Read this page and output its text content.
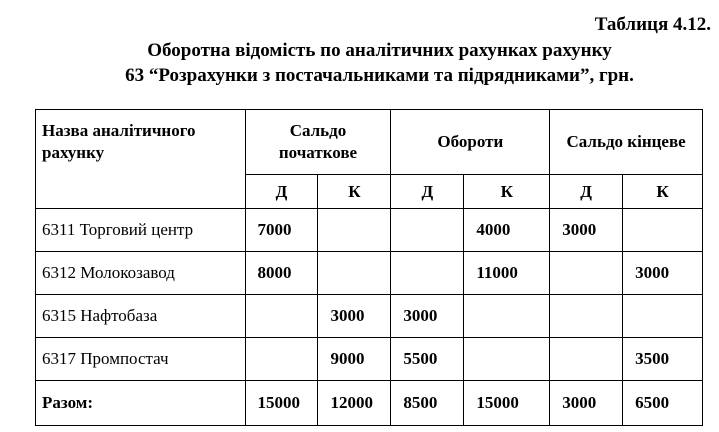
Таблиця 4.12.
Оборотна відомість по аналітичних рахунках рахунку
63 “Розрахунки з постачальниками та підрядниками”, грн.
Назва аналітичного рахунку	Сальдо початкове		Обороти		Сальдо кінцеве	
	Д	К	Д	К	Д	К
6311 Торговий центр	7000			4000	3000	
6312 Молокозавод	8000			11000		3000
6315 Нафтобаза		3000	3000			
6317 Промпостач		9000	5500			3500
Разом:	15000	12000	8500	15000	3000	6500
